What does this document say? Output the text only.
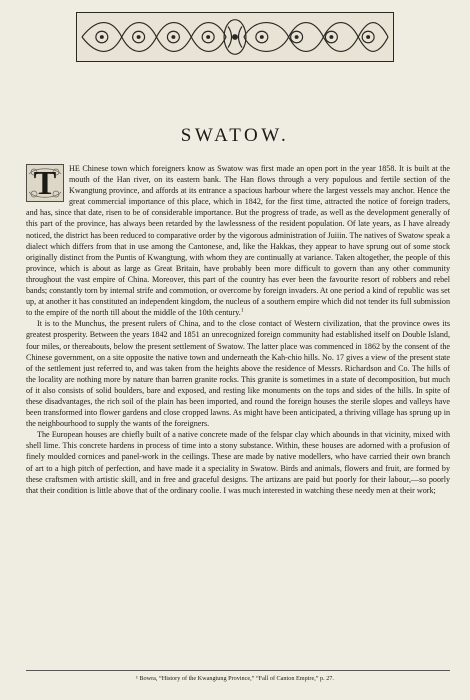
SWATOW.

T	HE Chinese town which foreigners know as Swatow was first made an open port in the year 1858. It is built at the mouth of the Han river, on its eastern bank. The Han flows through a very populous and fertile section of the Kwangtung province, and affords at its entrance a spacious harbour where the largest vessels may anchor. Hence the great commercial importance of this place, which in 1842, for the first time, attracted the notice of foreign traders, and has, since that date, risen to be of considerable importance. But the progress of trade, as well as the development generally of this part of the province, has always been retarded by the lawlessness of the resident population. Of late years, as I have already noticed, the district has been reduced to comparative order by the vigorous administration of Juiiin. The natives of Swatow speak a dialect which differs from that in use among the Cantonese, and, like the Hakkas, they appear to have sprung out of some stock originally distinct from the Puntis of Kwangtung, with whom they are continually at variance. Taken altogether, the people of this province, which is about as large as Great Britain, have probably been more difficult to govern than any other community throughout the vast empire of China. Moreover, this part of the country has ever been the favourite resort of robbers and rebel bands; constantly torn by internal strife and commotion, or overcome by foreign invaders. At one period a kind of republic was set up, at another it has constituted an independent kingdom, the nucleus of a southern empire which did not tender its full submission to the empire of the north till about the middle of the 10th century.$^1$

It is to the Munchus, the present rulers of China, and to the close contact of Western civilization, that the province owes its greatest prosperity. Between the years 1842 and 1851 an unrecognized foreign community had established itself on Double Island, four miles, or thereabouts, below the present settlement of Swatow. The latter place was commenced in 1862 by the consent of the Chinese government, on a site opposite the native town and underneath the Kah-chio hills. No. 17 gives a view of the present state of the settlement just referred to, and was taken from the heights above the residence of Messrs. Richardson and Co. The hills of the locality are nothing more by nature than barren granite rocks. This granite is sometimes in a state of decomposition, but much of it also consists of solid boulders, bare and exposed, and resting like monuments on the tops and sides of the hills. In spite of these disadvantages, the rich soil of the plain has been imported, and round the foreign houses the sterile slopes and valleys have been transformed into flower gardens and close cropped lawns. As might have been anticipated, a thriving village has sprung up in the neighbourhood to supply the wants of the foreigners.

The European houses are chiefly built of a native concrete made of the felspar clay which abounds in that vicinity, mixed with shell lime. This concrete hardens in process of time into a stony substance. Within, these houses are adorned with a profusion of finely moulded cornices and panel-work in the ceilings. These are made by native modellers, who have carried their own branch of art to a high pitch of perfection, and have made it a speciality in Swatow. Birds and animals, flowers and fruit, are formed by these craftsmen with artistic skill, and in free and graceful designs. The artizans are paid but poorly for their labour,—so poorly that their condition is little above that of the ordinary coolie. I was much interested in watching these needy men at their work;

¹ Bowra, “History of the Kwangtung Province,” “Fall of Canton Empire,” p. 27.
